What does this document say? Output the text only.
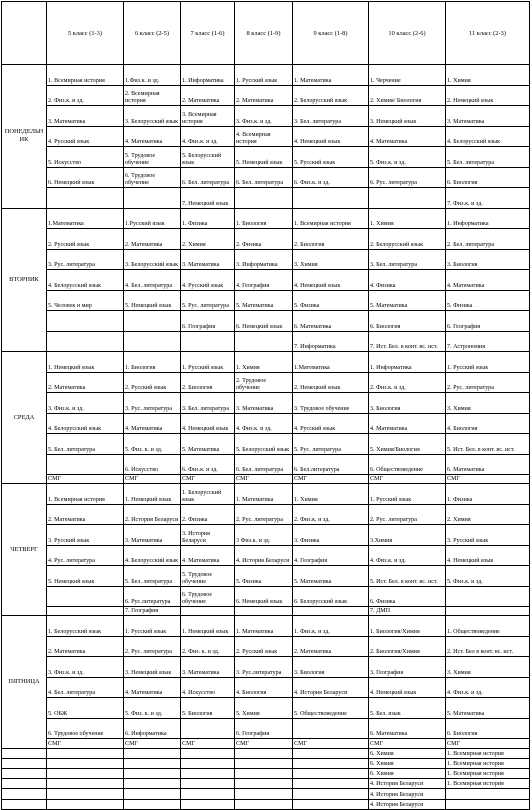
	5 класс (1-3)	6 класс (2-5)	7 класс (1-6)	8 класс (1-9)	9 класс (1-8)	10 класс (2-6)	11 класс (2-3)
ПОНЕДЕЛЬНИК	1. Всемирная история	1.Физ.к. и зд.	1. Информатика	1. Русский язык	1. Математика	1. Черчение	1. Химия
	2. Физ.к. и зд.	2. Всемирная история	2. Математика	2. Математика	2. Белорусский язык	2. Химия/ Биология	2. Немецкий язык
	3. Математика	3. Белорусский язык	3. Всемирная история	3. Физ.к. и зд.	3. Бел. литература	3. Немецкий язык	3. Математика
	4. Русский язык	4. Математика	4. Физ.к. и зд.	4. Всемирная история	4. Немецкий язык	4. Математика	4. Белорусский язык
	5. Искусство	5. Трудовое обучение	5. Белорусский язык	5. Немецкий язык	5. Русский язык	5. Физ.к. и зд.	5. Бел. литература
	6. Немецкий язык	6. Трудовое обучение	6. Бел. литература	6. Бел. литература	6. Физ.к. и зд.	6. Рус. литература	6. Биология
			7. Немецкий язык				7. Физ.к. и зд.
ВТОРНИК	1.Математика	1.Русский язык	1. Физика	1. Биология	1. Всемирная история	1. Химия	1. Информатика
	2. Русский язык	2. Математика	2. Химия	2. Физика	2. Биология	2. Белорусский язык	2. Бел. литература
	3. Рус. литература	3. Белорусский язык	3. Математика	3. Информатика	3. Химия	3. Бел. литература	3. Биология
	4. Белорусский язык	4. Бел. литература	4. Русский язык	4. География	4. Немецкий язык	4. Физика	4. Математика
	5. Человек и мир	5. Немецкий язык	5. Рус. литература	5. Математика	5. Физика	5. Математика	5. Физика
			6. География	6. Немецкий язык	6. Математика	6. Биология	6. География
					7. Информатика	7. Ист. Бел. в конт. вс. ист.	7. Астрономия
СРЕДА	1. Немецкий язык	1. Биология	1. Русский язык	1. Химия	1.Математика	1. Информатика	1. Русский язык
	2. Математика	2. Русский язык	2. Биология	2. Трудовое обучение	2. Немецкий язык	2. Физ.к. и зд.	2. Рус. литература
	3. Физ.к. и зд.	3. Рус. литература	3. Бел. литература	3. Математика	3. Трудовое обучение	3. Биология	3. Химия
	4. Белорусский язык	4. Математика	4. Немецкий язык	4. Физ.к. и зд.	4. Русский язык	4. Математика	4. Биология
	5. Бел. литература	5. Физ. к. и зд.	5. Математика	5. Белорусский язык	5. Рус. литература	5. Химия/Биология	5. Ист. Бел. в конт. вс. ист.
		6. Искусство	6. Физ.к. и зд.	6. Бел. литература	6. Бел.литература	6. Обществоведение	6. Математика
	СМГ	СМГ	СМГ	СМГ	СМГ	СМГ	СМГ
ЧЕТВЕРГ	1. Всемирная история	1. Немецкий язык	1. Белорусский язык	1. Математика	1. Химия	1. Русский язык	1. Физика
	2. Математика	2. История Беларуси	2. Физика	2. Рус. литература	2. Физ.к. и зд.	2. Рус. литература	2. Химия
	3. Русский язык	3. Математика	3. История Беларуси	3 Физ.к. и зд.	3. Физика	3.Химия	3. Русский язык
	4. Рус. литература	4. Белорусский язык	4. Математика	4. История Беларуси	4. География	4. Физ.к. и зд.	4. Немецкий язык
	5. Немецкий язык	5. Бел. литература	5. Трудовое обучение	5. Физика	5. Математика	5. Ист. Бел. в конт. вс. ист.	5. Физ.к. и зд.
		6. Рус.литература	6. Трудовое обучение	6. Немецкий язык	6. Белорусский язык	6. Физика	
		7. География				7. ДМП	
ПЯТНИЦА	1. Белорусский язык	1. Русский язык	1. Немецкий язык	1. Математика	1. Физ.к. и зд.	1. Биология/Химия	1. Обществоведение
	2. Математика	2. Рус. литература	2. Физ. к. и зд.	2. Русский язык	2. Математика	2. Биология/Химия	2. Ист. Бел в конт. вс. ист.
	3. Физ.к. и зд.	3. Немецкий язык	3. Математика	3. Рус.литература	3. Биология	3. География	3. Химия
	4. Бел. литература	4. Математика	4. Искусство	4. Биология	4. История Беларуси	4. Немецкий язык	4. Физ.к. и зд.
	5. ОБЖ	5. Физ. к. и зд.	5. Биология	5. Химия	5. Обществоведение	5. Бел. язык	5. Математика
	6. Трудовое обучение	6. Информатика		6. География		6. Математика	6. Биология
	СМГ	СМГ	СМГ	СМГ	СМГ	СМГ	СМГ
						6. Химия	1. Всемирная история
						6. Химия	1. Всемирная история
						6. Химия	1. Всемирная история
						4. История Беларуси	1. Всемирная история
						4. История Беларуси	
						4. История Беларуси	
